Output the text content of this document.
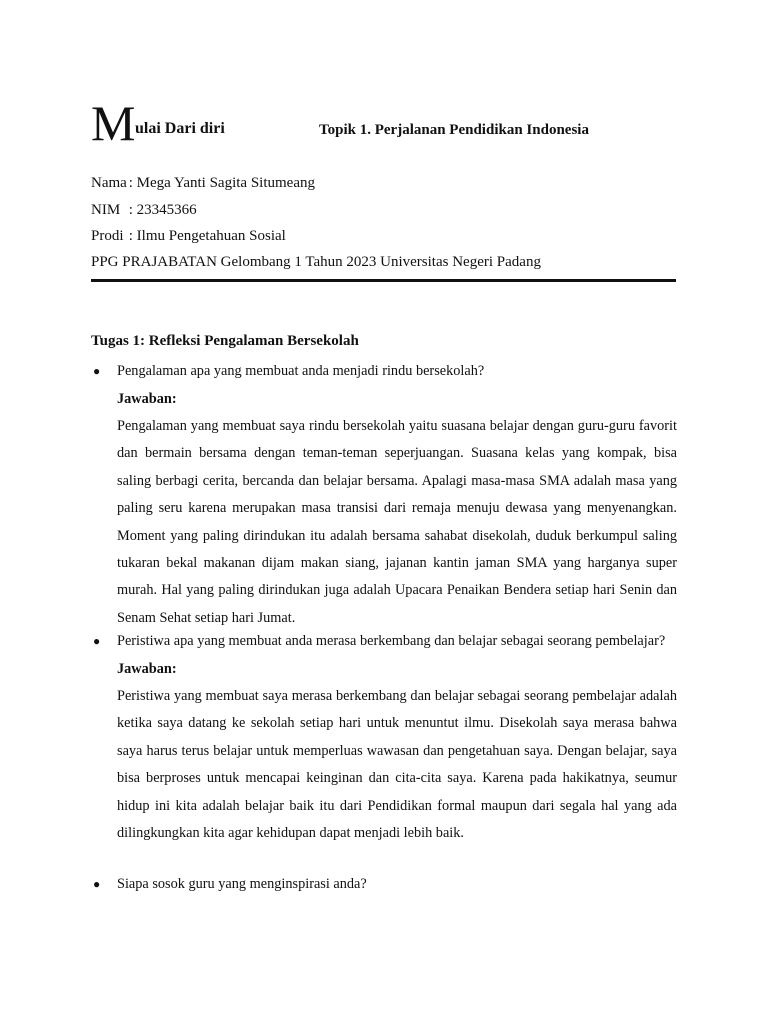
M ulai Dari diri	Topik 1. Perjalanan Pendidikan Indonesia
Nama : Mega Yanti Sagita Situmeang
NIM : 23345366
Prodi : Ilmu Pengetahuan Sosial
PPG PRAJABATAN Gelombang 1 Tahun 2023 Universitas Negeri Padang
Tugas 1: Refleksi Pengalaman Bersekolah
● Pengalaman apa yang membuat anda menjadi rindu bersekolah?
Jawaban:
Pengalaman yang membuat saya rindu bersekolah yaitu suasana belajar dengan guru-guru favorit dan bermain bersama dengan teman-teman seperjuangan. Suasana kelas yang kompak, bisa saling berbagi cerita, bercanda dan belajar bersama. Apalagi masa-masa SMA adalah masa yang paling seru karena merupakan masa transisi dari remaja menuju dewasa yang menyenangkan. Moment yang paling dirindukan itu adalah bersama sahabat disekolah, duduk berkumpul saling tukaran bekal makanan dijam makan siang, jajanan kantin jaman SMA yang harganya super murah. Hal yang paling dirindukan juga adalah Upacara Penaikan Bendera setiap hari Senin dan Senam Sehat setiap hari Jumat.
● Peristiwa apa yang membuat anda merasa berkembang dan belajar sebagai seorang pembelajar?
Jawaban:
Peristiwa yang membuat saya merasa berkembang dan belajar sebagai seorang pembelajar adalah ketika saya datang ke sekolah setiap hari untuk menuntut ilmu. Disekolah saya merasa bahwa saya harus terus belajar untuk memperluas wawasan dan pengetahuan saya. Dengan belajar, saya bisa berproses untuk mencapai keinginan dan cita-cita saya. Karena pada hakikatnya, seumur hidup ini kita adalah belajar baik itu dari Pendidikan formal maupun dari segala hal yang ada dilingkungkan kita agar kehidupan dapat menjadi lebih baik.
● Siapa sosok guru yang menginspirasi anda?
